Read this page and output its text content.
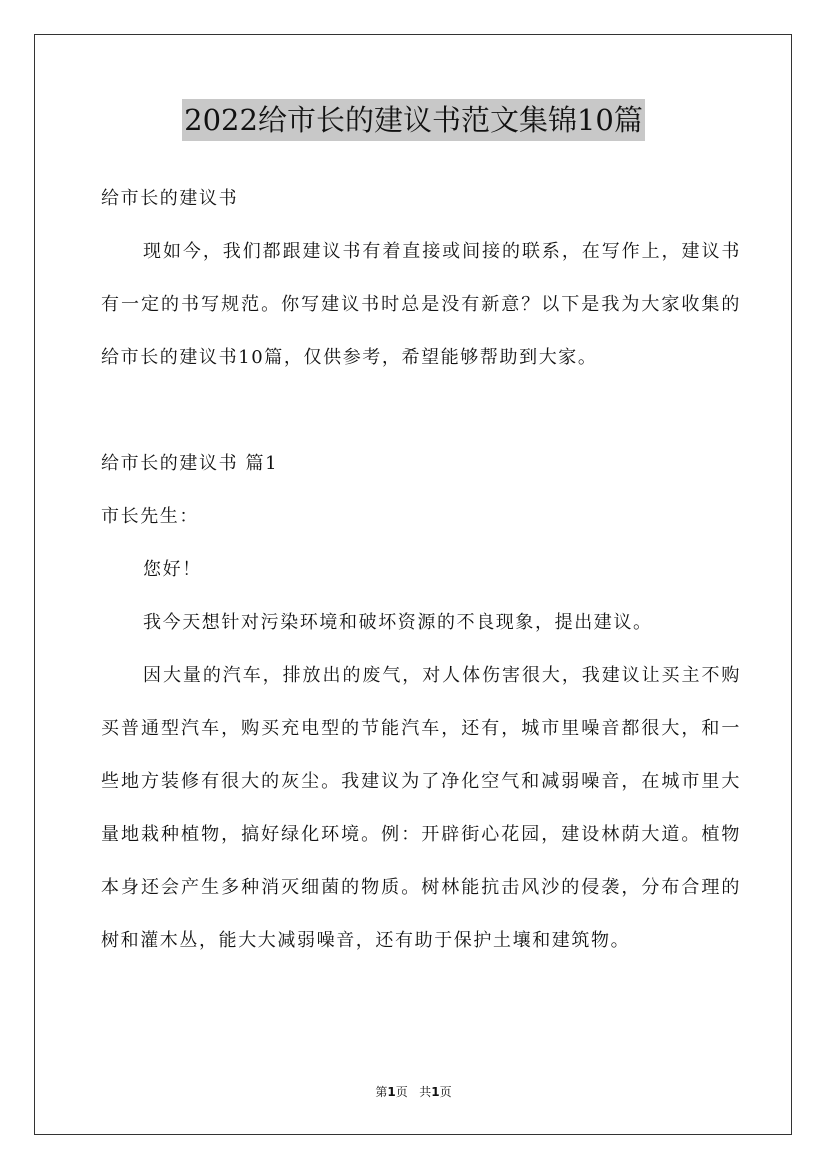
2022给市长的建议书范文集锦10篇

给市长的建议书

现如今，我们都跟建议书有着直接或间接的联系，在写作上，建议书有一定的书写规范。你写建议书时总是没有新意？以下是我为大家收集的给市长的建议书10篇，仅供参考，希望能够帮助到大家。

给市长的建议书 篇1

市长先生：

您好！

我今天想针对污染环境和破坏资源的不良现象，提出建议。

因大量的汽车，排放出的废气，对人体伤害很大，我建议让买主不购买普通型汽车，购买充电型的节能汽车，还有，城市里噪音都很大，和一些地方装修有很大的灰尘。我建议为了净化空气和减弱噪音，在城市里大量地栽种植物，搞好绿化环境。例：开辟街心花园，建设林荫大道。植物本身还会产生多种消灭细菌的物质。树林能抗击风沙的侵袭，分布合理的树和灌木丛，能大大减弱噪音，还有助于保护土壤和建筑物。

第1页 共1页
